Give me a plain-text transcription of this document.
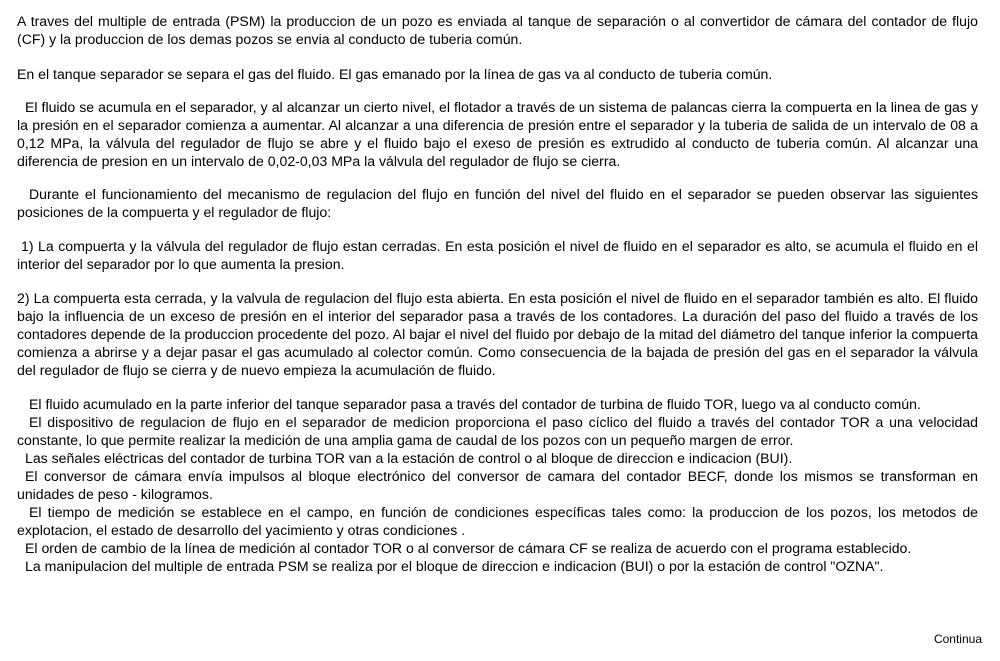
A traves del multiple de entrada (PSM) la produccion de un pozo es enviada al tanque de separación o al convertidor de cámara del contador de flujo (CF) y la produccion de los demas pozos se envia al conducto de tuberia común.

En el tanque separador se separa el gas del fluido. El gas emanado por la línea de gas va al conducto de tuberia común.

El fluido se acumula en el separador, y al alcanzar un cierto nivel, el flotador a través de un sistema de palancas cierra la compuerta en la linea de gas y la presión en el separador comienza a aumentar. Al alcanzar a una diferencia de presión entre el separador y la tuberia de salida de un intervalo de 08 a 0,12 MPa, la válvula del regulador de flujo se abre y el fluido bajo el exeso de presión es extrudido al conducto de tuberia común. Al alcanzar una diferencia de presion en un intervalo de 0,02-0,03 MPa la válvula del regulador de flujo se cierra.

Durante el funcionamiento del mecanismo de regulacion del flujo en función del nivel del fluido en el separador se pueden observar las siguientes posiciones de la compuerta y el regulador de flujo:

1) La compuerta y la válvula del regulador de flujo estan cerradas. En esta posición el nivel de fluido en el separador es alto, se acumula el fluido en el interior del separador por lo que aumenta la presion.

2) La compuerta esta cerrada, y la valvula de regulacion del flujo esta abierta. En esta posición el nivel de fluido en el separador también es alto. El fluido bajo la influencia de un exceso de presión en el interior del separador pasa a través de los contadores. La duración del paso del fluido a través de los contadores depende de la produccion procedente del pozo. Al bajar el nivel del fluido por debajo de la mitad del diámetro del tanque inferior la compuerta comienza a abrirse y a dejar pasar el gas acumulado al colector común. Como consecuencia de la bajada de presión del gas en el separador la válvula del regulador de flujo se cierra y de nuevo empieza la acumulación de fluido.

El fluido acumulado en la parte inferior del tanque separador pasa a través del contador de turbina de fluido TOR, luego va al conducto común.

El dispositivo de regulacion de flujo en el separador de medicion proporciona el paso cíclico del fluido a través del contador TOR a una velocidad constante, lo que permite realizar la medición de una amplia gama de caudal de los pozos con un pequeño margen de error.

Las señales eléctricas del contador de turbina TOR van a la estación de control o al bloque de direccion e indicacion (BUI).

El conversor de cámara envía impulsos al bloque electrónico del conversor de camara del contador BECF, donde los mismos se transforman en unidades de peso - kilogramos.

El tiempo de medición se establece en el campo, en función de condiciones específicas tales como: la produccion de los pozos, los metodos de explotacion, el estado de desarrollo del yacimiento y otras condiciones .

El orden de cambio de la línea de medición al contador TOR o al conversor de cámara CF se realiza de acuerdo con el programa establecido.

La manipulacion del multiple de entrada PSM se realiza por el bloque de direccion e indicacion (BUI) o por la estación de control "OZNA".

Continua
